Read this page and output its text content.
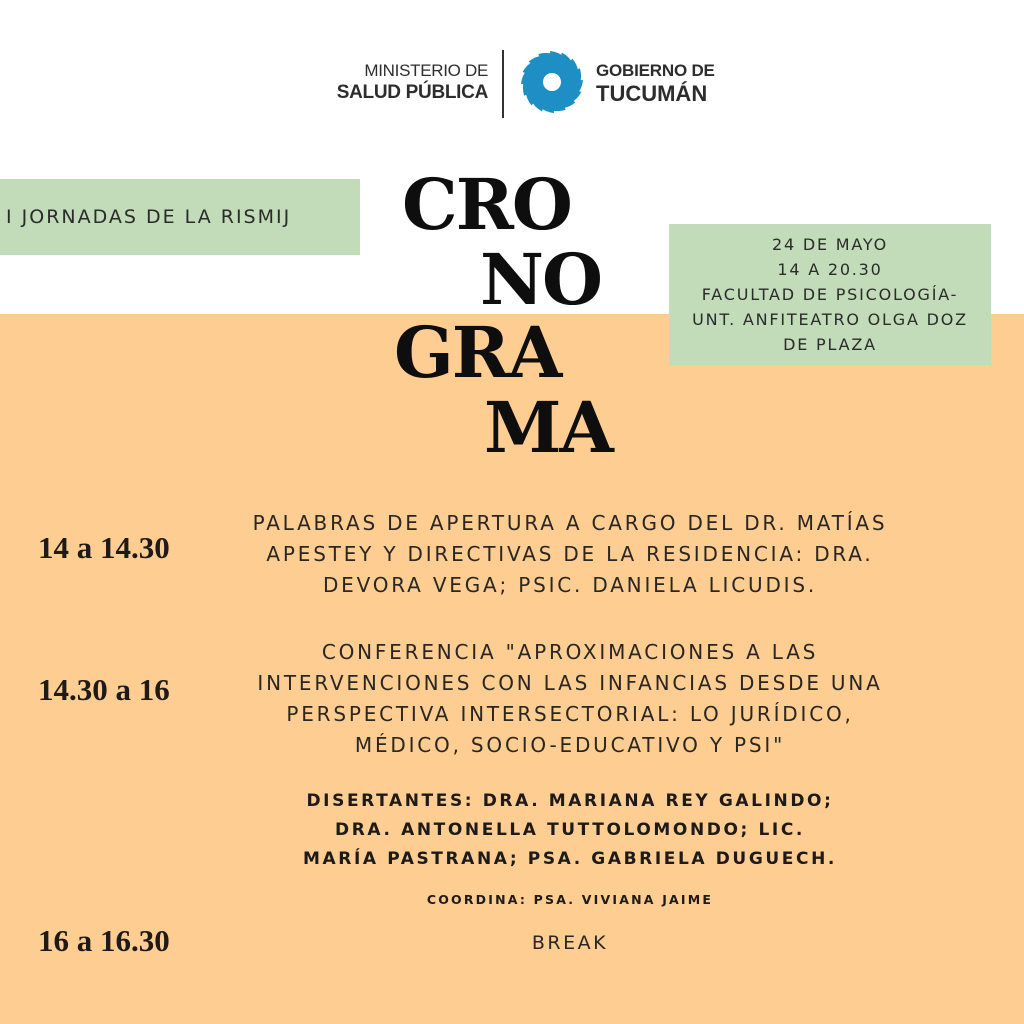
MINISTERIO DE
SALUD PÚBLICA
GOBIERNO DE
TUCUMÁN
I JORNADAS DE LA RISMIJ CRO
NO
GRA
MA
24 DE MAYO
14 A 20.30
FACULTAD DE PSICOLOGÍA-
UNT. ANFITEATRO OLGA DOZ
DE PLAZA
14 a 14.30
PALABRAS DE APERTURA A CARGO DEL DR. MATÍAS
APESTEY Y DIRECTIVAS DE LA RESIDENCIA: DRA.
DEVORA VEGA; PSIC. DANIELA LICUDIS.
14.30 a 16
CONFERENCIA "APROXIMACIONES A LAS
INTERVENCIONES CON LAS INFANCIAS DESDE UNA
PERSPECTIVA INTERSECTORIAL: LO JURÍDICO,
MÉDICO, SOCIO-EDUCATIVO Y PSI"
DISERTANTES: DRA. MARIANA REY GALINDO;
DRA. ANTONELLA TUTTOLOMONDO; LIC.
MARÍA PASTRANA; PSA. GABRIELA DUGUECH.
COORDINA: PSA. VIVIANA JAIME
16 a 16.30	BREAK
